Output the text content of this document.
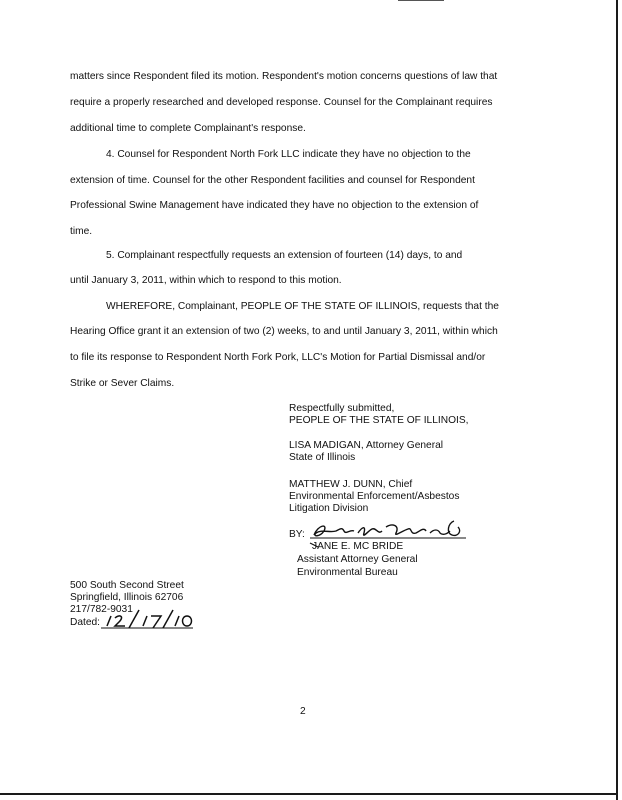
matters since Respondent filed its motion. Respondent's motion concerns questions of law that

require a properly researched and developed response. Counsel for the Complainant requires

additional time to complete Complainant's response.

4. Counsel for Respondent North Fork LLC indicate they have no objection to the

extension of time. Counsel for the other Respondent facilities and counsel for Respondent

Professional Swine Management have indicated they have no objection to the extension of

time.

5. Complainant respectfully requests an extension of fourteen (14) days, to and

until January 3, 2011, within which to respond to this motion.

WHEREFORE, Complainant, PEOPLE OF THE STATE OF ILLINOIS, requests that the

Hearing Office grant it an extension of two (2) weeks, to and until January 3, 2011, within which

to file its response to Respondent North Fork Pork, LLC's Motion for Partial Dismissal and/or

Strike or Sever Claims.

Respectfully submitted,

PEOPLE OF THE STATE OF ILLINOIS,

LISA MADIGAN, Attorney General

State of Illinois

MATTHEW J. DUNN, Chief

Environmental Enforcement/Asbestos

Litigation Division

BY:

JANE E. MC BRIDE

Assistant Attorney General

Environmental Bureau

500 South Second Street

Springfield, Illinois 62706

217/782-9031

Dated:

2
